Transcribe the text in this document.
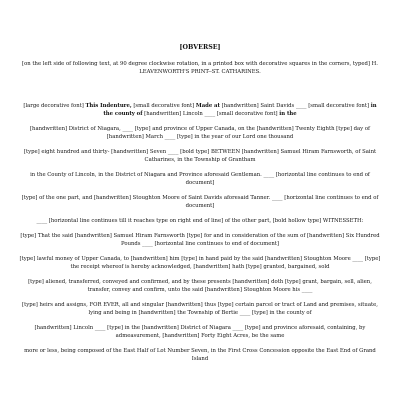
[OBVERSE]
[on the left side of following text, at 90 degree clockwise rotation, in a printed box with decorative squares in the corners, typed] H. LEAVENWORTH'S PRINT--ST. CATHARINES.
[large decorative font] This Indenture, [small decorative font] Made at [handwritten] Saint Davids ____ [small decorative font] in the county of [handwritten] Lincoln ____ [small decorative font] in the
[handwritten] District of Niagara, ____ [type] and province of Upper Canada, on the [handwritten] Twenty Eighth [type] day of [handwritten] March ____ [type] in the year of our Lord one thousand
[type] eight hundred and thirty- [handwritten] Seven ____ [bold type] BETWEEN [handwritten] Samuel Hiram Farnsworth, of Saint Catharines, in the Township of Grantham
in the County of Lincoln, in the District of Niagara and Province aforesaid Gentleman. ____ [horizontal line continues to end of document]
[type] of the one part, and [handwritten] Stoughton Moore of Saint Davids aforesaid Tanner. ____ [horizontal line continues to end of document]
____ [horizontal line continues till it reaches type on right end of line] of the other part, [bold hollow type] WITNESSETH:
[type] That the said [handwritten] Samuel Hiram Farnsworth [type] for and in consideration of the sum of [handwritten] Six Hundred Pounds ____ [horizontal line continues to end of document]
[type] lawful money of Upper Canada, to [handwritten] him [type] in hand paid by the said [handwritten] Stoughton Moore ____ [type] the receipt whereof is hereby acknowledged, [handwritten] hath [type] granted, bargained, sold
[type] aliened, transferred, conveyed and confirmed, and by these presents [handwritten] doth [type] grant, bargain, sell, alien, transfer, convey and confirm, unto the said [handwritten] Stoughton Moore his ____
[type] heirs and assigns, FOR EVER, all and singular [handwritten] thus [type] certain parcel or tract of Land and premises, situate, lying and being in [handwritten] the Township of Bertie ____ [type] in the county of
[handwritten] Lincoln ____ [type] in the [handwritten] District of Niagara ____ [type] and province aforesaid, containing, by admeasurement, [handwritten] Forty Eight Acres, be the same
more or less, being composed of the East Half of Lot Number Seven, in the First Cross Concession opposite the East End of Grand Island
